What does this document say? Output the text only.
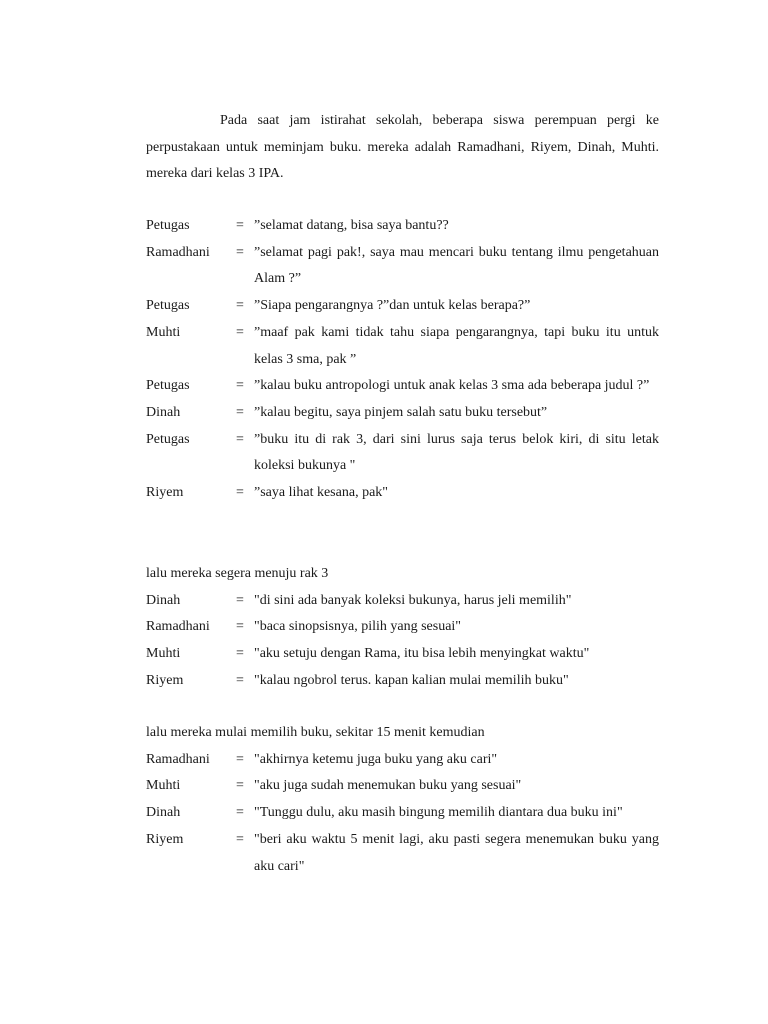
Pada saat jam istirahat sekolah, beberapa siswa perempuan pergi ke perpustakaan untuk meminjam buku. mereka adalah Ramadhani, Riyem, Dinah, Muhti. mereka dari kelas 3 IPA.

Petugas	= ”selamat datang, bisa saya bantu??
Ramadhani	= ”selamat pagi pak!, saya mau mencari buku tentang ilmu pengetahuan Alam ?”
Petugas	= ”Siapa pengarangnya ?”dan untuk kelas berapa?”
Muhti	= ”maaf pak kami tidak tahu siapa pengarangnya, tapi buku itu untuk kelas 3 sma, pak ”
Petugas	= ”kalau buku antropologi untuk anak kelas 3 sma ada beberapa judul ?”
Dinah	= ”kalau begitu, saya pinjem salah satu buku tersebut”
Petugas	= ”buku itu di rak 3, dari sini lurus saja terus belok kiri, di situ letak koleksi bukunya "
Riyem	= ”saya lihat kesana, pak"

lalu mereka segera menuju rak 3

Dinah	= "di sini ada banyak koleksi bukunya, harus jeli memilih"
Ramadhani	= "baca sinopsisnya, pilih yang sesuai"
Muhti	= "aku setuju dengan Rama, itu bisa lebih menyingkat waktu"
Riyem	= "kalau ngobrol terus. kapan kalian mulai memilih buku"

lalu mereka mulai memilih buku, sekitar 15 menit kemudian

Ramadhani	= "akhirnya ketemu juga buku yang aku cari"
Muhti	= "aku juga sudah menemukan buku yang sesuai"
Dinah	= "Tunggu dulu, aku masih bingung memilih diantara dua buku ini"
Riyem	= "beri aku waktu 5 menit lagi, aku pasti segera menemukan buku yang aku cari"
